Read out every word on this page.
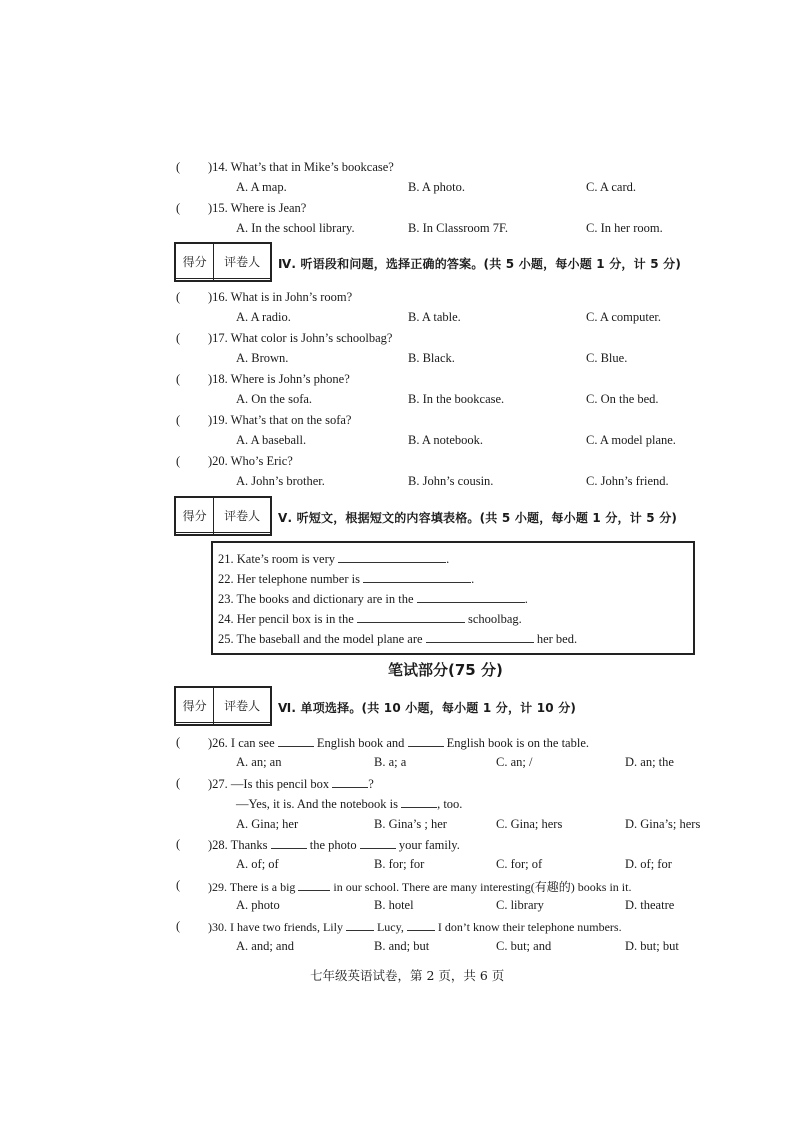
( )14. What’s that in Mike’s bookcase?
A. A map.	B. A photo.	C. A card.
( )15. Where is Jean?
A. In the school library.	B. In Classroom 7F.	C. In her room.
得分	评卷人
	Ⅳ. 听语段和问题，选择正确的答案。(共 5 小题，每小题 1 分，计 5 分)
( )16. What is in John’s room?
A. A radio.	B. A table.	C. A computer.
( )17. What color is John’s schoolbag?
A. Brown.	B. Black.	C. Blue.
( )18. Where is John’s phone?
A. On the sofa.	B. In the bookcase.	C. On the bed.
( )19. What’s that on the sofa?
A. A baseball.	B. A notebook.	C. A model plane.
( )20. Who’s Eric?
A. John’s brother.	B. John’s cousin.	C. John’s friend.
得分	评卷人
	Ⅴ. 听短文，根据短文的内容填表格。(共 5 小题，每小题 1 分，计 5 分)
21. Kate’s room is very	.
22. Her telephone number is	.
23. The books and dictionary are in the	.
24. Her pencil box is in the	schoolbag.
25. The baseball and the model plane are	her bed.
笔试部分(75 分)
得分	评卷人
	Ⅵ. 单项选择。(共 10 小题，每小题 1 分，计 10 分)
( )26. I can see	English book and	English book is on the table.
A. an; an	B. a; a	C. an; /	D. an; the
( )27. —Is this pencil box	?
—Yes, it is. And the notebook is	, too.
A. Gina; her	B. Gina’s ; her	C. Gina; hers	D. Gina’s; hers
( )28. Thanks	the photo	your family.
A. of; of	B. for; for	C. for; of	D. of; for
( )29. There is a big	in our school. There are many interesting(有趣的) books in it.
A. photo	B. hotel	C. library	D. theatre
( )30. I have two friends, Lily	Lucy,	I don’t know their telephone numbers.
A. and; and	B. and; but	C. but; and	D. but; but
七年级英语试卷，第 2 页，共 6 页
